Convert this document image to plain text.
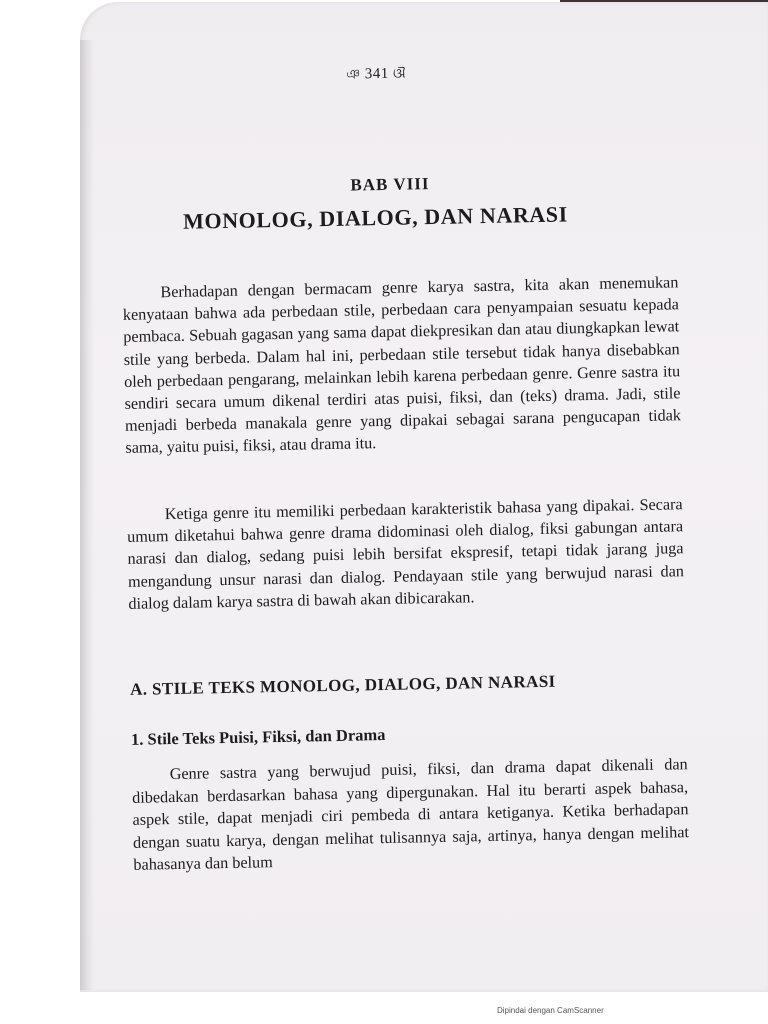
ঞ 341 ଔ
BAB VIII
MONOLOG, DIALOG, DAN NARASI

Berhadapan dengan bermacam genre karya sastra, kita akan menemukan kenyataan bahwa ada perbedaan stile, perbedaan cara penyampaian sesuatu kepada pembaca. Sebuah gagasan yang sama dapat diekpresikan dan atau diungkapkan lewat stile yang berbeda. Dalam hal ini, perbedaan stile tersebut tidak hanya disebabkan oleh perbedaan pengarang, melainkan lebih karena perbedaan genre. Genre sastra itu sendiri secara umum dikenal terdiri atas puisi, fiksi, dan (teks) drama. Jadi, stile menjadi berbeda manakala genre yang dipakai sebagai sarana pengucapan tidak sama, yaitu puisi, fiksi, atau drama itu.

Ketiga genre itu memiliki perbedaan karakteristik bahasa yang dipakai. Secara umum diketahui bahwa genre drama didominasi oleh dialog, fiksi gabungan antara narasi dan dialog, sedang puisi lebih bersifat ekspresif, tetapi tidak jarang juga mengandung unsur narasi dan dialog. Pendayaan stile yang berwujud narasi dan dialog dalam karya sastra di bawah akan dibicarakan.

A. STILE TEKS MONOLOG, DIALOG, DAN NARASI
1. Stile Teks Puisi, Fiksi, dan Drama

Genre sastra yang berwujud puisi, fiksi, dan drama dapat dikenali dan dibedakan berdasarkan bahasa yang dipergunakan. Hal itu berarti aspek bahasa, aspek stile, dapat menjadi ciri pembeda di antara ketiganya. Ketika berhadapan dengan suatu karya, dengan melihat tulisannya saja, artinya, hanya dengan melihat bahasanya dan belum

Dipindai dengan CamScanner
